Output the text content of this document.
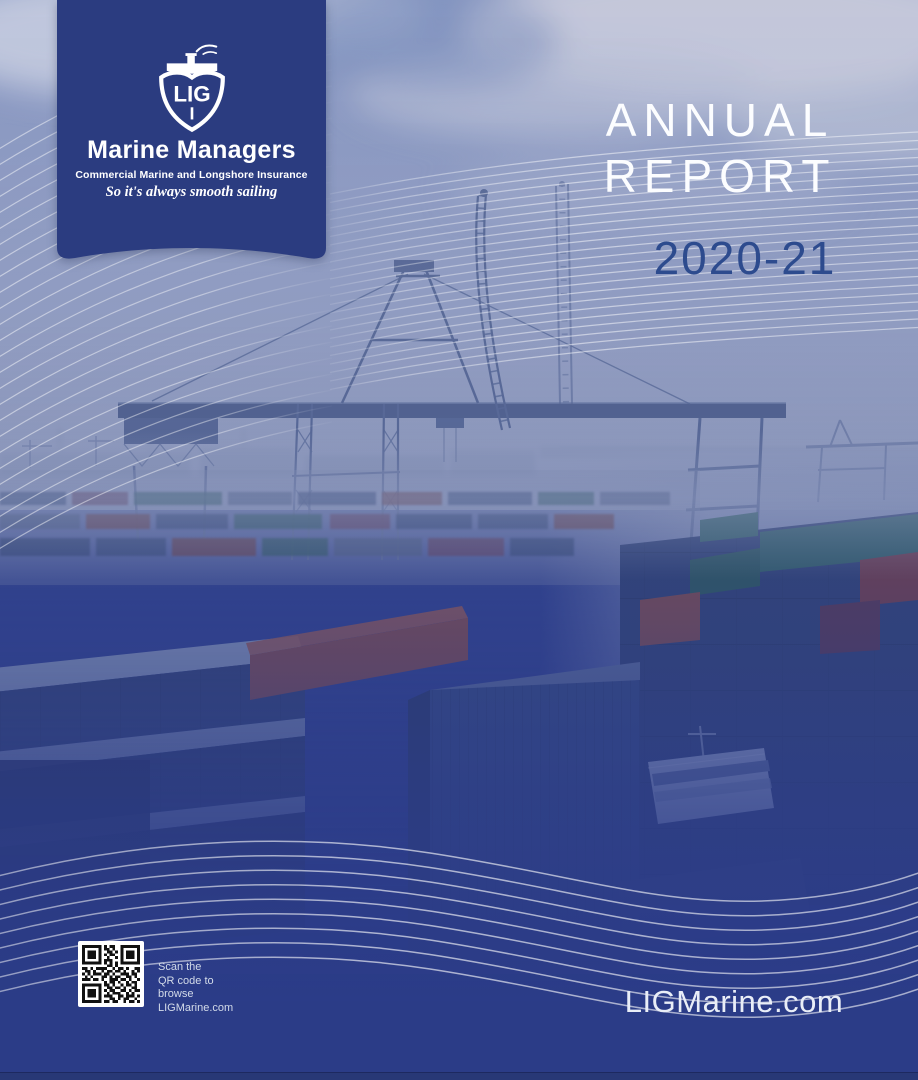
LIG
Marine Managers
Commercial Marine and Longshore Insurance
So it's always smooth sailing
ANNUAL
REPORT
2020-21
Scan the
QR code to
browse
LIGMarine.com	LIGMarine.com
